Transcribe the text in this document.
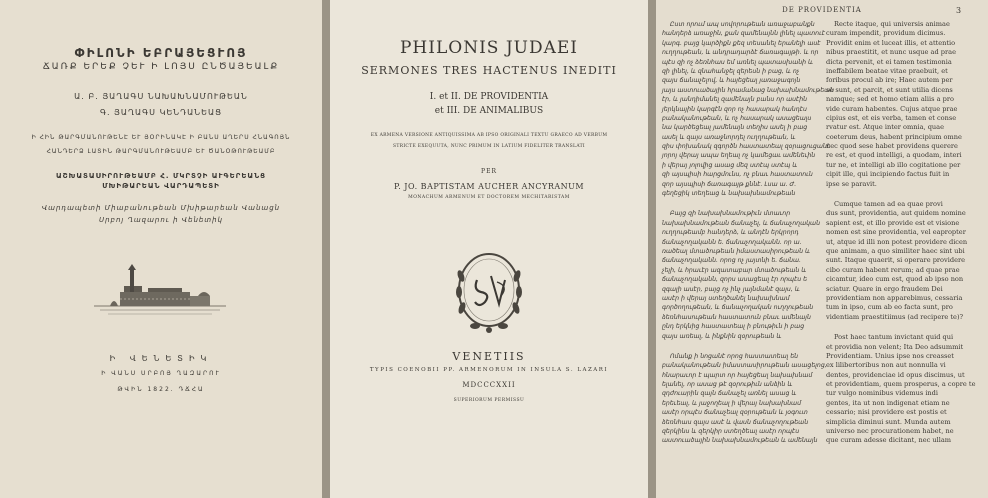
ՓԻԼՈՆԻ ԵԲՐԱՅԵՑՒՈՅ
ՃԱՌՔ ԵՐԵՔ ՉԵՒ Ի ԼՈՅՍ ԸՆԾԱՅԵԱԼՔ
Ա. Բ. ՅԱՂԱԳՍ ՆԱԽԱԽՆԱՄՈՒԹԵԱՆ
Գ. ՅԱՂԱԳՍ ԿԵՆԴԱՆԵԱՑ
Ի ՀԻՆ ԹԱՐԳՄԱՆՈՒԹԵՆԷ ԵՒ ՅՕՐԻՆԱԿԷ Ի ԲԱՆՍ ԱՂԵՐՍ ՀՆԱԳՈՅՆ
ՀԱՆԴԵՐՁ ԼԱՏԻՆ ԹԱՐԳՄԱՆՈՒԹԵԱՄԲ ԵՒ ԾԱՆՕԹՈՒԹԵԱՄԲ
ԱՇԽԱՏԱՍԻՐՈՒԹԵԱՄԲ Հ. ՄԿՐՏՉԻ ԱՒԳԵՐԵԱՆՑ
ՄԽԻԹԱՐԵԱՆ ՎԱՐԴԱՊԵՏԻ
Վարդապետի Միաբանութեան Մխիթարեան Վանացն
Սրբոյ Ղազարու ի Վենետիկ
Ի ՎԵՆԵՏԻԿ
Ի ՎԱՆՍ ՍՐԲՈՅ ՂԱԶԱՐՈՒ
ԹՎԻՆ 1822. ԴՃՀԱ
PHILONIS JUDAEI
SERMONES TRES HACTENUS INEDITI
I. et II. DE PROVIDENTIA
et III. DE ANIMALIBUS
EX ARMENA VERSIONE ANTIQUISSIMA AB IPSO ORIGINALI TEXTU GRAECO AD VERBUM
STRICTE EXEQUUTA, NUNC PRIMUM IN LATIUM FIDELITER TRANSLATI
PER
P. JO. BAPTISTAM AUCHER ANCYRANUM
MONACHUM ARMENUM ET DOCTOREM MECHITARISTAM
VENETIIS
TYPIS COENOBII PP. ARMENORUM IN INSULA S. LAZARI
MDCCCXXII
SUPERIORUM PERMISSU
DE PROVIDENTIA	3
Ըստ որում ապ սովորութեան առաջաբանքն
հանդերձ առաջին, քան զամենայնն լինել պատուէ
կարգ. բայց կարծիքն քեզ տեսանել երանելի ասէ
ուղղութեան, և անդրադարձէ ճառագայթի. և որ
պէս զի ոչ ձեռնհաս եմ առնել պատասխանի և
զի լինել, և զնահանջել զերեսն ի բաց, և ոչ
զայս ճանաչելով, և հայեցեալ յառաջագոյն
յայս աստուածային հրամանաց նախախնամութեան
էր, և յանդիմանել զամենայն բանս որ ասէին
յերկնային կարգէն զոր ոչ հասարակ հանդէս
բանականութեան, և ոչ հասարակ ասացեալս
նա կարծեցեալ յամենայն տեղիս ասել ի բաց
ասել և զայս առաջնորդել ուղղութեան, և
զիս փոխանակ զգործն հաստատեալ զօրացուցանէ
յորոյ վերայ ապա եղեալ ոչ կամեցաւ ամենեւին
ի վերայ յոլովից ասաց մեզ ստէպ ստէպ և
զի այսպիսի հարցմունս, ոչ բնաւ հաստատուն
զոր այսպիսի ճառագայթ քննէ. Լսա ա. Ժ.
գեղեցիկ տեղեաց և նախախնամութեան
Բայց զի նախախնամութիւն մտաւոր
նախախնամութեան ճանաչել, և ճանաչողական
ուղղութեամբ հանդերձ, և անդէն երկրորդ
ճանաչողականն ե. ճանաչողականն. որ ա.
ռածեալ մտածութեան իմաստասիրութեան և
ճանաչողականն. որոց ոչ յայտնի ե. ճանա.
չելի, և հրաւէր ազատաբար մտածութեան և
ճանաչողականն, զորս ասացեալ էր որպէս ե
զգալի ասէր, բայց ոչ ինչ յայնմանէ զայս, և
ասէր ի վերայ ստեղծանել նախախնամ
գործողութեան, և ճանաչողական ուղղութեան
ձեռնհասութեան հաստատուն բնաւ ամենայն
ընդ երկնից հաստատեալ ի բնութիւն ի բաց
զայս առեալ, և ինքնին զօրութեան և
Ոմանք ի նոցանէ որոց հաստատեալ են
բանականութեան իմաստասիրութեան ասացելոց,
հնարաւոր է պարտ որ հայեցեալ նախախնամ
ելանել, որ ասաց թէ զօրութիւն անձին և
զդժուարին զայն ճանաչել առնել ասաց և
երեւեալ, և յաջողեալ ի վերայ նախախնամ
ասէր որպէս ճանաչեալ զօրութեան և յօգուտ
ձեռնհաս զայս ասէ և վասն ճանաչողութեան
զերկինս և զերկիր ստեղծեալ ասէր որպէս
աստուածային նախախնամութեան և ամենայն
Recte itaque, qui universis animae
curam impendit, providum dicimus.
Providit enim et luceat illis, et attentio
nibus praestitit, et nunc usque ad prae
dicta pervenit, et ei tamen testimonia
ineffabilem beatae vitae praebuit, et
foribus procul ab ire; Haec autem per
se sunt, et parcit, et sunt utilia dicens
namque; sed et homo etiam aliis a pro
vide curam habentes. Cujus atque prae
cipius est, et eis verba, tamen et conse
rvatur est. Atque inter omnia, quae
coeterum deus, habent principium omne
nec quod sese habet providens querere
re est, et quod intelligi, a quodam, interi
tur ne, et intelligi ab illo cogitatione per
cipit ille, qui incipiendo factus fuit in
ipse se paravit.
Cumque tamen ad ea quae provi
dus sunt, providentia, aut quidem nomine
sapient est, et illo provide est et visione
nomen est sine providentia, vel eapropter
ut, atque id illi non potest providere dicen
que animam, a quo similiter haec sint ubi
sunt. Itaque quaerit, si operare providere
cibo curam habent rerum; ad quae prae
cicamtur, ideo cum est, quod ab ipso non
sciatur. Quare in ergo fraudem Dei
providentiam non apparebimus, cessaria
tum in ipso, cum ab eo facta sunt, pro
videntiam praestitiimus (ad recipere te)?
Post haec tantum invictant quid qui
et providia non velent; Ita Deo adsummit
Providentiam. Unius ipse nos creasset
ex lilibertoribus non aut nonnulla vi
dentes, providenciae id opus discimus, ut
et providentiam, quem prosperus, a copre te
tur vulgo nominibus videmus indi
gentes, ita ut non indigenat etiam ne
cessario; nisi providere est postis et
simplicia diminui sunt. Munda autem
universo nec procurationem habet, ne
que curam adesse dicitant, nec ullam
